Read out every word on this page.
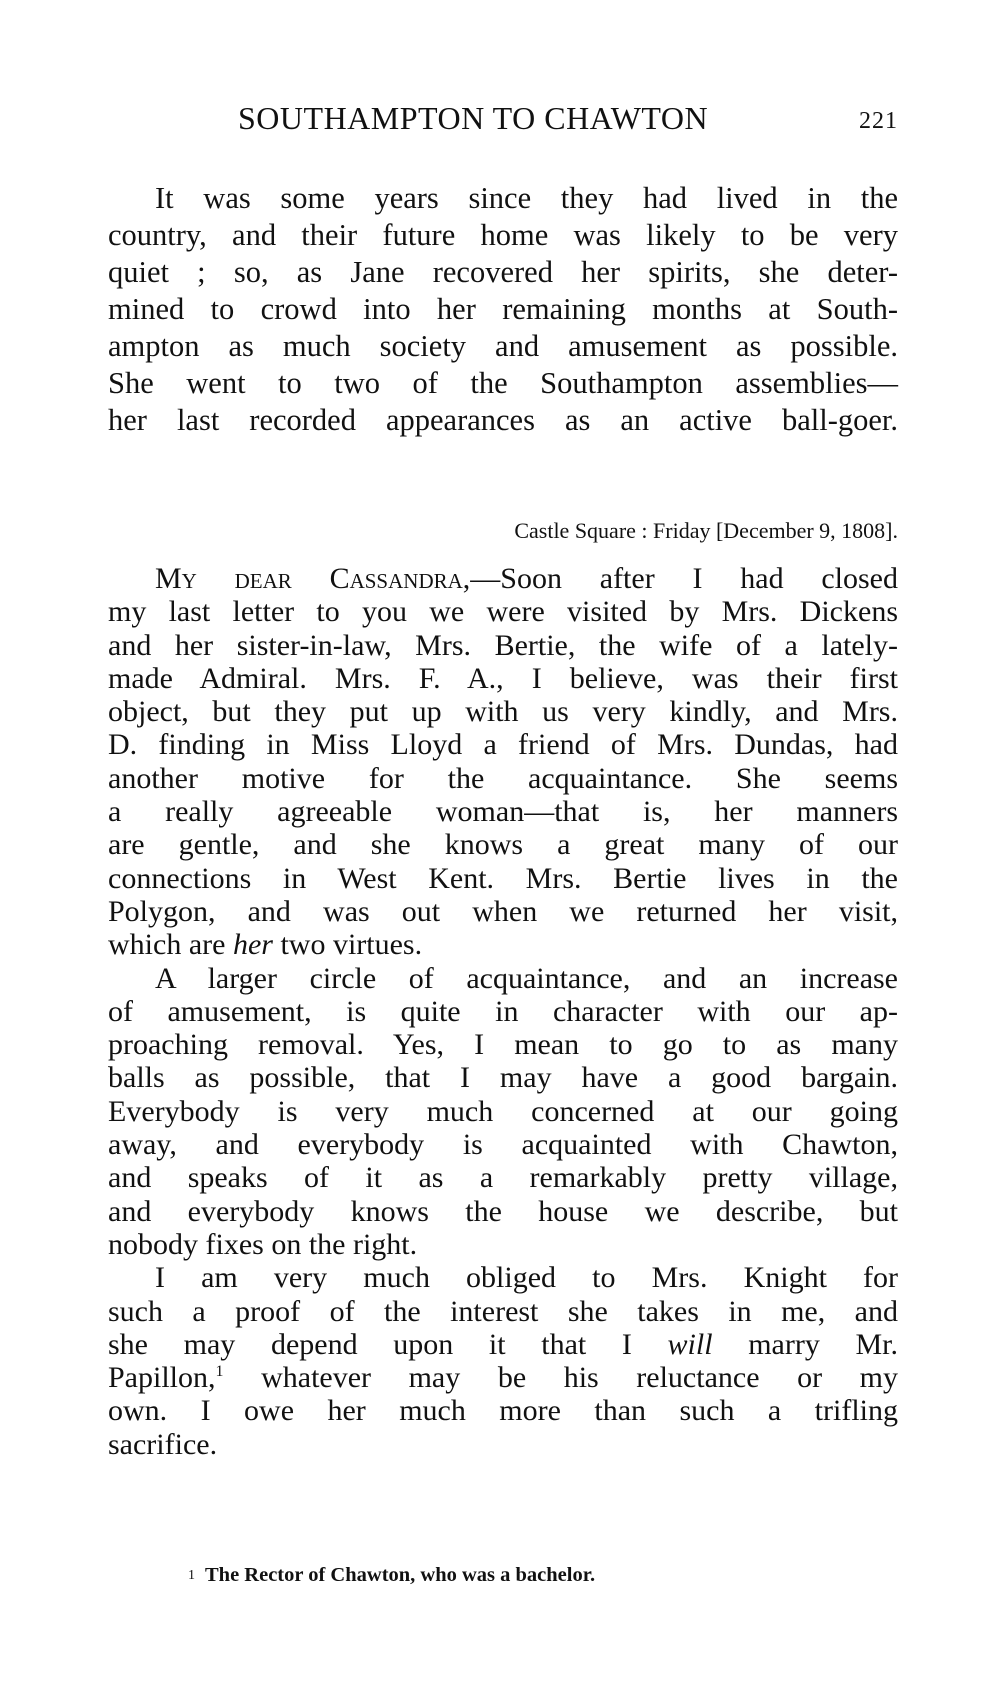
SOUTHAMPTON TO CHAWTON	221
It was some years since they had lived in the
country, and their future home was likely to be very
quiet ; so, as Jane recovered her spirits, she deter-
mined to crowd into her remaining months at South-
ampton as much society and amusement as possible.
She went to two of the Southampton assemblies—
her last recorded appearances as an active ball-goer.
Castle Square : Friday [December 9, 1808].
My dear Cassandra,—Soon after I had closed
my last letter to you we were visited by Mrs. Dickens
and her sister-in-law, Mrs. Bertie, the wife of a lately-
made Admiral. Mrs. F. A., I believe, was their first
object, but they put up with us very kindly, and Mrs.
D. finding in Miss Lloyd a friend of Mrs. Dundas, had
another motive for the acquaintance. She seems
a really agreeable woman—that is, her manners
are gentle, and she knows a great many of our
connections in West Kent. Mrs. Bertie lives in the
Polygon, and was out when we returned her visit,
which are her two virtues.
A larger circle of acquaintance, and an increase
of amusement, is quite in character with our ap-
proaching removal. Yes, I mean to go to as many
balls as possible, that I may have a good bargain.
Everybody is very much concerned at our going
away, and everybody is acquainted with Chawton,
and speaks of it as a remarkably pretty village,
and everybody knows the house we describe, but
nobody fixes on the right.
I am very much obliged to Mrs. Knight for
such a proof of the interest she takes in me, and
she may depend upon it that I will marry Mr.
Papillon,$^1$ whatever may be his reluctance or my
own. I owe her much more than such a trifling
sacrifice.
1 The Rector of Chawton, who was a bachelor.
